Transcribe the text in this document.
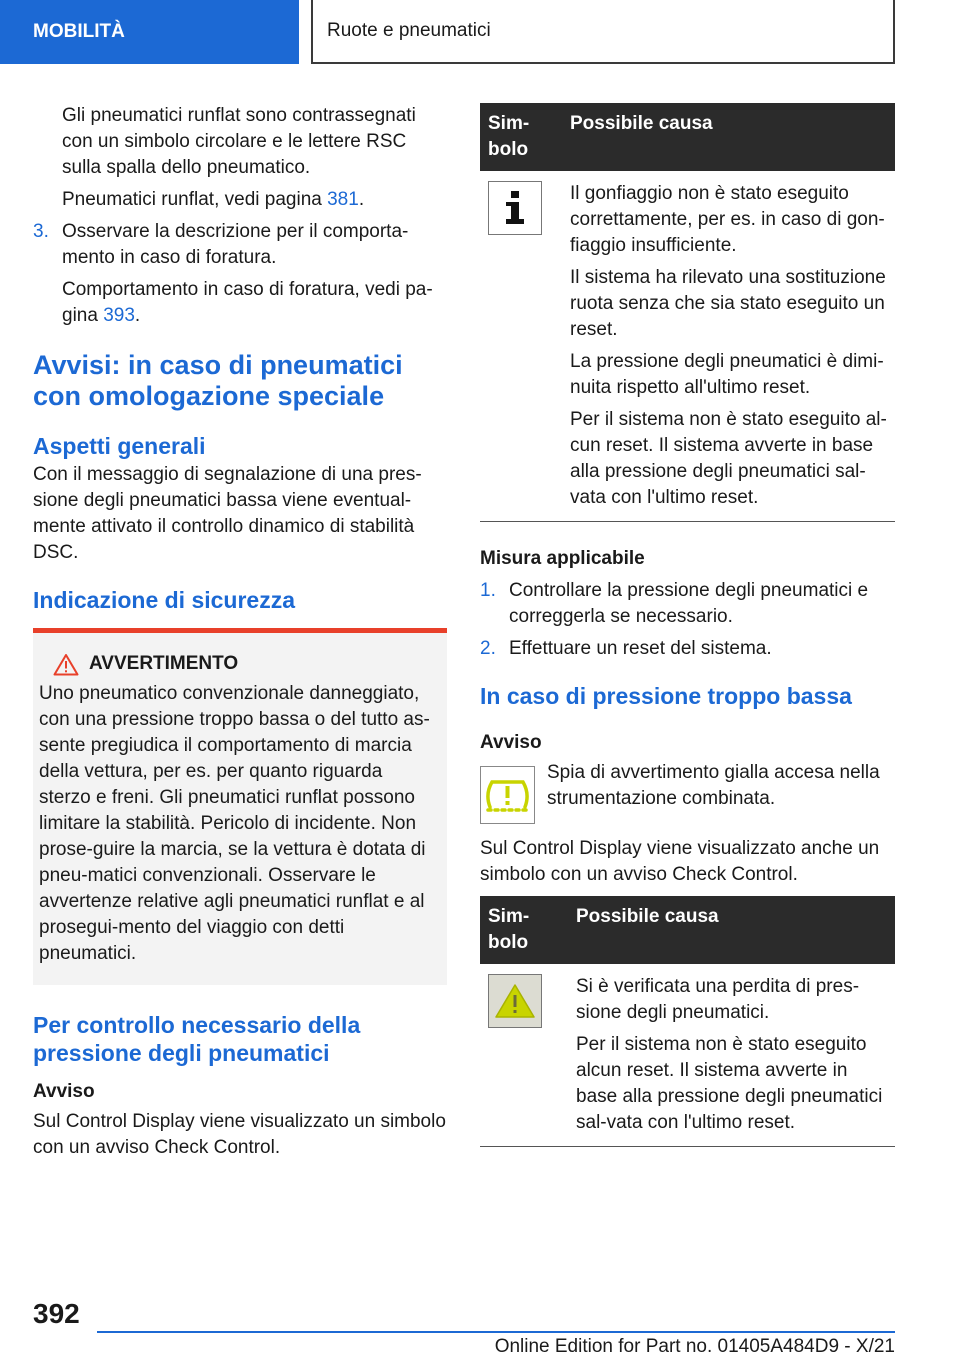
MOBILITÀ	Ruote e pneumatici

Gli pneumatici runflat sono contrassegnati con un simbolo circolare e le lettere RSC sulla spalla dello pneumatico.

Pneumatici runflat, vedi pagina 381.

3. Osservare la descrizione per il comporta-mento in caso di foratura.

Comportamento in caso di foratura, vedi pa-gina 393.

Avvisi: in caso di pneumatici con omologazione speciale
Aspetti generali

Con il messaggio di segnalazione di una pres-sione degli pneumatici bassa viene eventual-mente attivato il controllo dinamico di stabilità DSC.

Indicazione di sicurezza
AVVERTIMENTO

Uno pneumatico convenzionale danneggiato, con una pressione troppo bassa o del tutto as-sente pregiudica il comportamento di marcia della vettura, per es. per quanto riguarda sterzo e freni. Gli pneumatici runflat possono limitare la stabilità. Pericolo di incidente. Non prose-guire la marcia, se la vettura è dotata di pneu-matici convenzionali. Osservare le avvertenze relative agli pneumatici runflat e al prosegui-mento del viaggio con detti pneumatici.

Per controllo necessario della pressione degli pneumatici
Avviso

Sul Control Display viene visualizzato un simbolo con un avviso Check Control.

Sim-bolo	Possibile causa

Il gonfiaggio non è stato eseguito correttamente, per es. in caso di gon-fiaggio insufficiente.

Il sistema ha rilevato una sostituzione ruota senza che sia stato eseguito un reset.

La pressione degli pneumatici è dimi-nuita rispetto all'ultimo reset.

Per il sistema non è stato eseguito al-cun reset. Il sistema avverte in base alla pressione degli pneumatici sal-vata con l'ultimo reset.

Misura applicabile
1. Controllare la pressione degli pneumatici e correggerla se necessario.
2. Effettuare un reset del sistema.
In caso di pressione troppo bassa
Avviso

Spia di avvertimento gialla accesa nella strumentazione combinata.

Sul Control Display viene visualizzato anche un simbolo con un avviso Check Control.

Sim-bolo	Possibile causa

Si è verificata una perdita di pres-sione degli pneumatici.

Per il sistema non è stato eseguito alcun reset. Il sistema avverte in base alla pressione degli pneumatici sal-vata con l'ultimo reset.

392
Online Edition for Part no. 01405A484D9 - X/21
